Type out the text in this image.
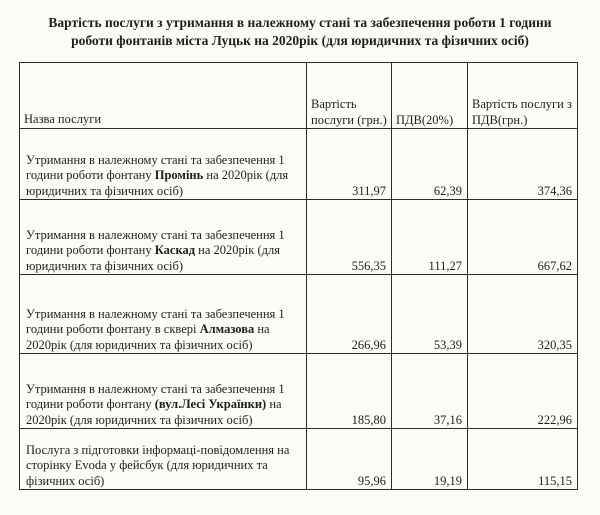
Вартість послуги з утримання в належному стані та забезпечення роботи 1 години
роботи фонтанів міста Луцьк на 2020рік (для юридичних та фізичних осіб)
Назва послуги	Вартість послуги (грн.)	ПДВ(20%)	Вартість послуги з ПДВ(грн.)
Утримання в належному стані та забезпечення 1 години роботи фонтану Промінь на 2020рік (для юридичних та фізичних осіб)	311,97	62,39	374,36
Утримання в належному стані та забезпечення 1 години роботи фонтану Каскад на 2020рік (для юридичних та фізичних осіб)	556,35	111,27	667,62
Утримання в належному стані та забезпечення 1 години роботи фонтану в сквері Алмазова на 2020рік (для юридичних та фізичних осіб)	266,96	53,39	320,35
Утримання в належному стані та забезпечення 1 години роботи фонтану (вул.Лесі Українки) на 2020рік (для юридичних та фізичних осіб)	185,80	37,16	222,96
Послуга з підготовки інформаці-повідомлення на сторінку Evoda у фейсбук (для юридичних та фізичних осіб)	95,96	19,19	115,15
